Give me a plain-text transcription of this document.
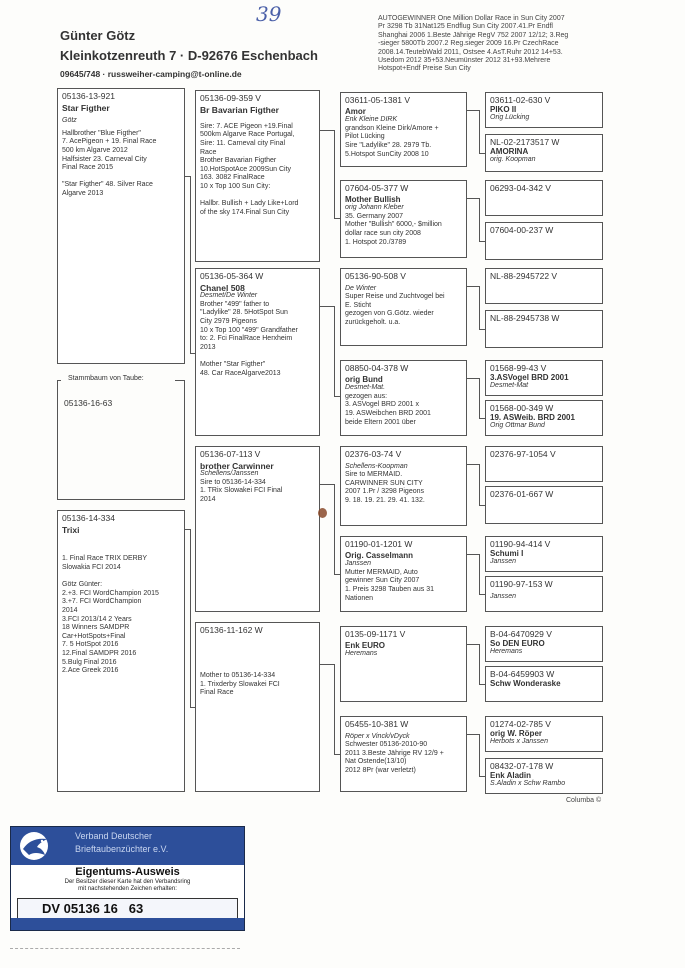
39
Günter Götz
Kleinkotzenreuth 7 · D-92676 Eschenbach
09645/748 · russweiher-camping@t-online.de
AUTOGEWINNER One Million Dollar Race in Sun City 2007
Pr 3298 Tb 31Nat125 Endflug Sun City 2007.41.Pr Endfl
Shanghai 2006 1.Beste Jährige RegV 752 2007 12/12; 3.Reg
-sieger 5800Tb 2007.2 Reg.sieger 2009 16.Pr CzechRace
2008.14.TeutebWald 2011, Ostsee 4.AsT.Ruhr 2012 14+53.
Usedom 2012 35+53.Neumünster 2012 31+93.Mehrere
Hotspot+Endf Preise Sun City
05136-13-921
Star Figther
Götz
Hallbrother "Blue Figther"
7. AcePigeon + 19. Final Race
500 km Algarve 2012
Halfsister 23. Carneval City
Final Race 2015

"Star Figther" 48. Silver Race
Algarve 2013
Stammbaum von Taube:
05136-16-63
05136-14-334
Trixi

1. Final Race TRIX DERBY
Slowakia FCI 2014

Götz Günter:
2.+3. FCI WordChampion 2015
3.+7. FCI WordChampion
2014
3.FCI 2013/14 2 Years
18 Winners SAMDPR
Car+HotSpots+Final
7. 5 HotSpot 2016
12.Final SAMDPR 2016
5.Bulg Final 2016
2.Ace Greek 2016
05136-09-359 V
Br Bavarian Figther

Sire: 7. ACE Pigeon +19.Final
500km Algarve Race Portugal,
Sire: 11. Carneval city Final
Race
Brother Bavarian Figther
10.HotSpotAce 2009Sun City
163. 3082 FinalRace
10 x Top 100 Sun City:

Hallbr. Bullish + Lady Like+Lord
of the sky 174.Final Sun City
05136-05-364 W
Chanel 508
Desmet/De Winter
Brother "499" father to
"Ladylike" 28. 5HotSpot Sun
City 2979 Pigeons
10 x Top 100 "499" Grandfather
to: 2. Fci FinalRace Herxheim
2013

Mother "Star Figther"
48. Car RaceAlgarve2013
05136-07-113 V
brother Carwinner
Schellens/Janssen
Sire to 05136-14-334
1. TRix Slowakei FCI Final
2014
05136-11-162 W

Mother to 05136-14-334
1. Trixderby Slowakei FCI
Final Race
03611-05-1381 V
Amor
Enk Kleine DIRK
grandson Kleine Dirk/Amore +
Pilot Lücking
Sire "Ladylike" 28. 2979 Tb.
5.Hotspot SunCity 2008 10
07604-05-377 W
Mother Bullish
orig Johann Kleber
35. Germany 2007
Mother "Bullish" 6000,- $million
dollar race sun city 2008
1. Hotspot 20./3789
05136-90-508 V
De Winter
Super Reise und Zuchtvogel bei
E. Sticht
gezogen von G.Götz. wieder
zurückgeholt. u.a.
08850-04-378 W
orig Bund
Desmet-Mat.
gezogen aus:
3. ASVogel BRD 2001 x
19. ASWeibchen BRD 2001
beide Eltern 2001 über
02376-03-74 V
Schellens-Koopman
Sire to MERMAID.
CARWINNER SUN CITY
2007 1.Pr / 3298 Pigeons
9. 18. 19. 21. 29. 41. 132.
01190-01-1201 W
Orig. Casselmann
Janssen
Mutter MERMAID, Auto
gewinner Sun City 2007
1. Preis 3298 Tauben aus 31
Nationen
0135-09-1171 V
Enk EURO
Heremans
05455-10-381 W
Röper x Vinck/vDyck
Schwester 05136-2010-90
2011 3.Beste Jährige RV 12/9 +
Nat Ostende(13/10)
2012 8Pr (war verletzt)
03611-02-630 V
PIKO II
Orig Lücking
NL-02-2173517 W
AMORINA
orig. Koopman
06293-04-342 V
07604-00-237 W
NL-88-2945722 V
NL-88-2945738 W
01568-99-43 V
3.ASVogel BRD 2001
Desmet-Mat
01568-00-349 W
19. ASWeib. BRD 2001
Orig Ottmar Bund
02376-97-1054 V
02376-01-667 W
01190-94-414 V
Schumi I
Janssen
01190-97-153 W
Janssen
B-04-6470929 V
So DEN EURO
Heremans
B-04-6459903 W
Schw Wonderaske
01274-02-785 V
orig W. Röper
Herbots x Janssen
08432-07-178 W
Enk Aladin
S.Aladin x Schw Rambo
Columba ©
Verband Deutscher
Brieftaubenzüchter e.V.
Eigentums-Ausweis
Der Besitzer dieser Karte hat den Verbandsring
mit nachstehenden Zeichen erhalten:
DV 05136 16   63
